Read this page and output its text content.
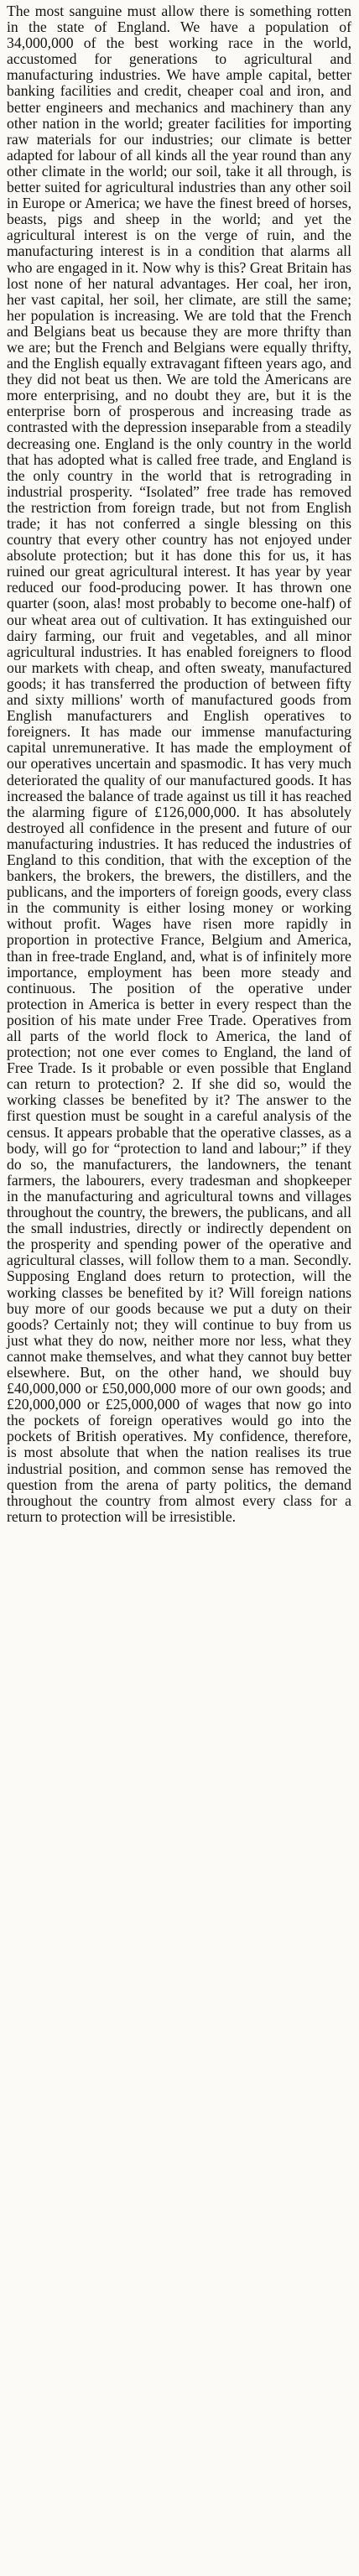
The most sanguine must allow there is something rotten in the state of England. We have a population of 34,000,000 of the best working race in the world, accustomed for generations to agricultural and manufacturing industries. We have ample capital, better banking facilities and credit, cheaper coal and iron, and better engineers and mechanics and machinery than any other nation in the world; greater facilities for importing raw materials for our industries; our climate is better adapted for labour of all kinds all the year round than any other climate in the world; our soil, take it all through, is better suited for agricultural industries than any other soil in Europe or America; we have the finest breed of horses, beasts, pigs and sheep in the world; and yet the agricultural interest is on the verge of ruin, and the manufacturing interest is in a condition that alarms all who are engaged in it. Now why is this? Great Britain has lost none of her natural advantages. Her coal, her iron, her vast capital, her soil, her climate, are still the same; her population is increasing. We are told that the French and Belgians beat us because they are more thrifty than we are; but the French and Belgians were equally thrifty, and the English equally extravagant fifteen years ago, and they did not beat us then. We are told the Americans are more enterprising, and no doubt they are, but it is the enterprise born of prosperous and increasing trade as contrasted with the depression inseparable from a steadily decreasing one. England is the only country in the world that has adopted what is called free trade, and England is the only country in the world that is retrograding in industrial prosperity. “Isolated” free trade has removed the restriction from foreign trade, but not from English trade; it has not conferred a single blessing on this country that every other country has not enjoyed under absolute protection; but it has done this for us, it has ruined our great agricultural interest. It has year by year reduced our food-producing power. It has thrown one quarter (soon, alas! most probably to become one-half) of our wheat area out of cultivation. It has extinguished our dairy farming, our fruit and vegetables, and all minor agricultural industries. It has enabled foreigners to flood our markets with cheap, and often sweaty, manufactured goods; it has transferred the production of between fifty and sixty millions' worth of manufactured goods from English manufacturers and English operatives to foreigners. It has made our immense manufacturing capital unremunerative. It has made the employment of our operatives uncertain and spasmodic. It has very much deteriorated the quality of our manufactured goods. It has increased the balance of trade against us till it has reached the alarming figure of £126,000,000. It has absolutely destroyed all confidence in the present and future of our manufacturing industries. It has reduced the industries of England to this condition, that with the exception of the bankers, the brokers, the brewers, the distillers, and the publicans, and the importers of foreign goods, every class in the community is either losing money or working without profit. Wages have risen more rapidly in proportion in protective France, Belgium and America, than in free-trade England, and, what is of infinitely more importance, employment has been more steady and continuous. The position of the operative under protection in America is better in every respect than the position of his mate under Free Trade. Operatives from all parts of the world flock to America, the land of protection; not one ever comes to England, the land of Free Trade. Is it probable or even possible that England can return to protection? 2. If she did so, would the working classes be benefited by it? The answer to the first question must be sought in a careful analysis of the census. It appears probable that the operative classes, as a body, will go for “protection to land and labour;” if they do so, the manufacturers, the landowners, the tenant farmers, the labourers, every tradesman and shopkeeper in the manufacturing and agricultural towns and villages throughout the country, the brewers, the publicans, and all the small industries, directly or indirectly dependent on the prosperity and spending power of the operative and agricultural classes, will follow them to a man. Secondly. Supposing England does return to protection, will the working classes be benefited by it? Will foreign nations buy more of our goods because we put a duty on their goods? Certainly not; they will continue to buy from us just what they do now, neither more nor less, what they cannot make themselves, and what they cannot buy better elsewhere. But, on the other hand, we should buy £40,000,000 or £50,000,000 more of our own goods; and £20,000,000 or £25,000,000 of wages that now go into the pockets of foreign operatives would go into the pockets of British operatives. My confidence, therefore, is most absolute that when the nation realises its true industrial position, and common sense has removed the question from the arena of party politics, the demand throughout the country from almost every class for a return to protection will be irresistible.
